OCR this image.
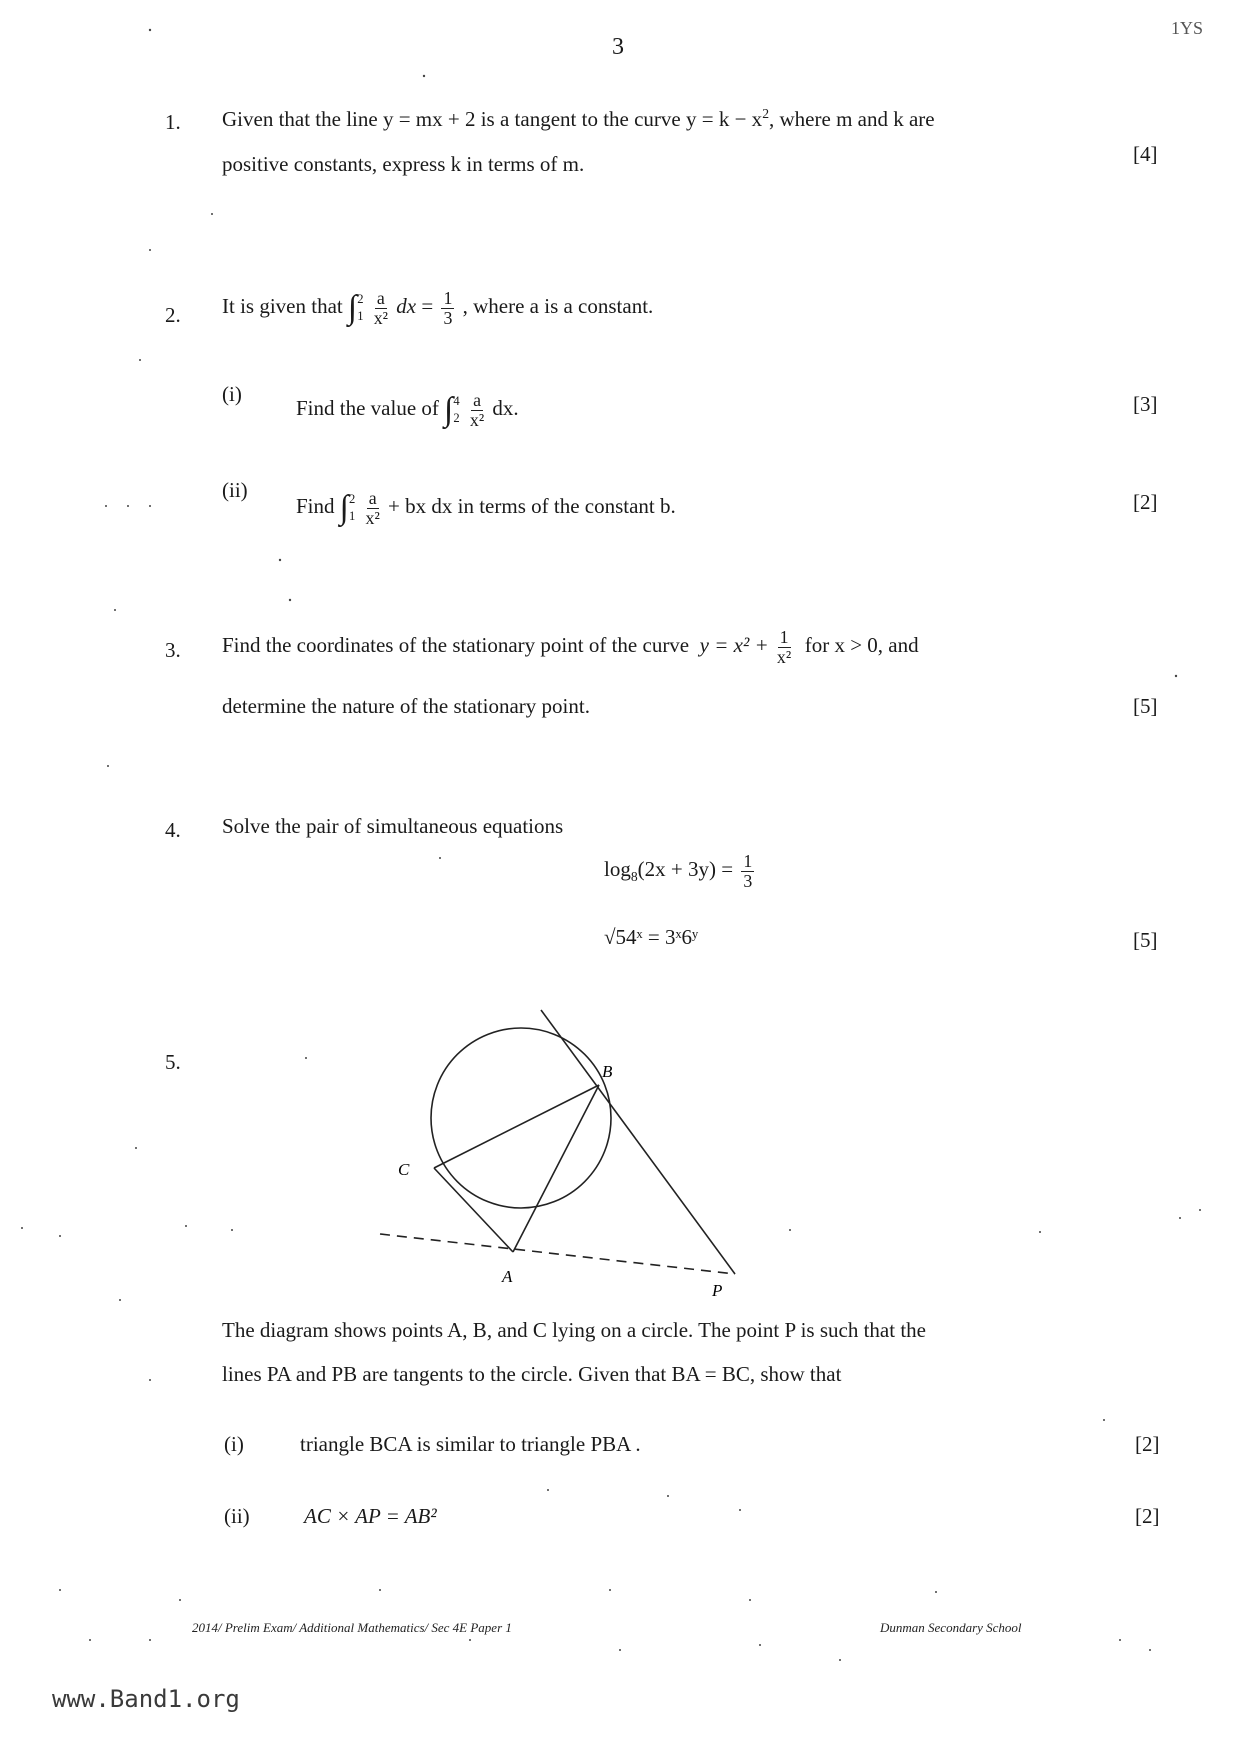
3
1YS
1. Given that the line y = mx + 2 is a tangent to the curve $y = k - x^2$, where m and k are
positive constants, express k in terms of m.	[4]
2. It is given that ∫ 2
1
$\frac{a}{\text{x²}}$ dx = $\frac{1}{3}$ , where a is a constant.
(i)
Find the value of ∫ 4
2
$\frac{a}{\text{x²}}$ dx.	[3]
(ii)
Find ∫ 2
1
$\frac{a}{\text{x²}}$ + bx dx in terms of the constant b.	[2]
3. Find the coordinates of the stationary point of the curve $y = x^2 + \frac{1}{\text{x²}}$ for x > 0, and
determine the nature of the stationary point.	[5]
4. Solve the pair of simultaneous equations
$\log_8(2x + 3y) = \frac{1}{3}$
√54ˣ = 3ˣ6ʸ	[5]
5.	B
C
A
P
The diagram shows points A, B, and C lying on a circle. The point P is such that the
lines PA and PB are tangents to the circle. Given that BA = BC, show that
(i)	triangle BCA is similar to triangle PBA .	[2]
(ii)	AC × AP = AB²	[2]
2014/ Prelim Exam/ Additional Mathematics/ Sec 4E Paper 1	Dunman Secondary School
www.Band1.org
